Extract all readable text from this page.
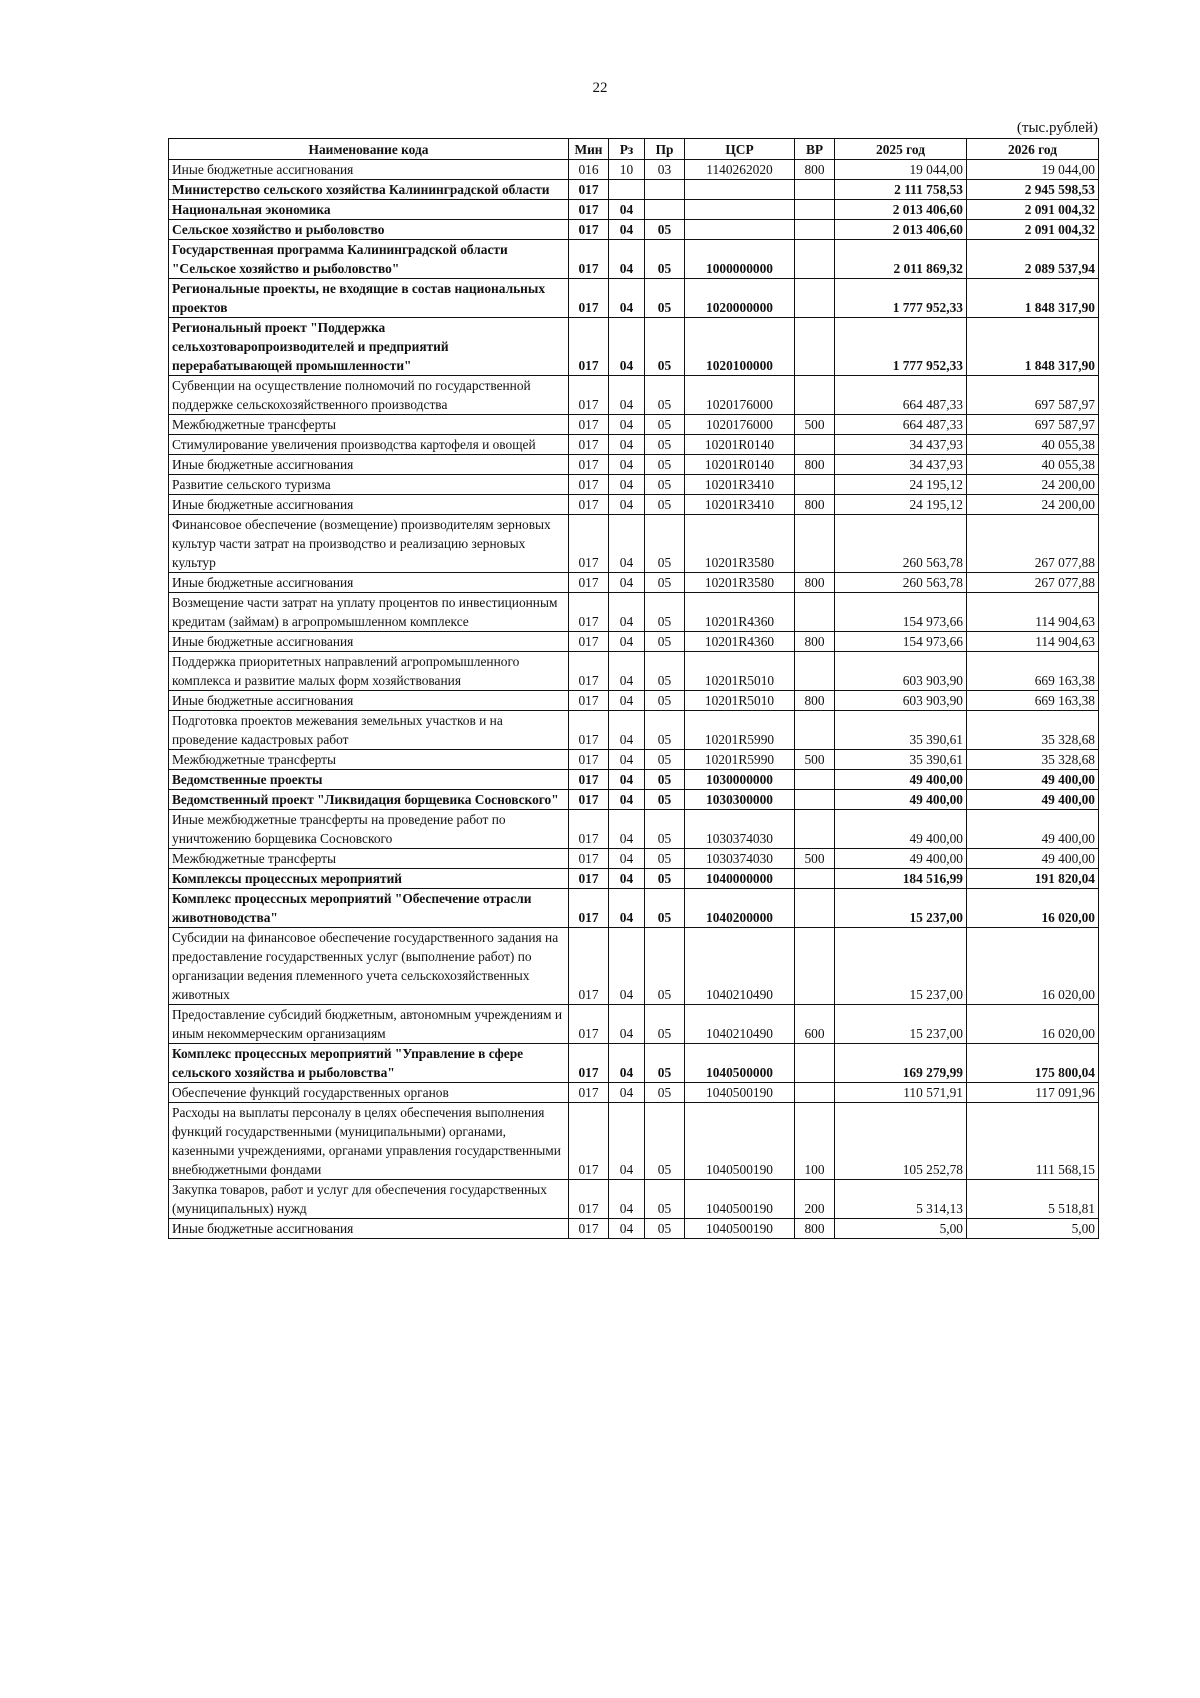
22
(тыс.рублей)
Наименование кода	Мин	Рз	Пр	ЦСР	ВР	2025 год	2026 год
Иные бюджетные ассигнования	016	10	03	1140262020	800	19 044,00	19 044,00
Министерство сельского хозяйства Калининградской области	017					2 111 758,53	2 945 598,53
Национальная экономика	017	04				2 013 406,60	2 091 004,32
Сельское хозяйство и рыболовство	017	04	05			2 013 406,60	2 091 004,32
Государственная программа Калининградской области "Сельское хозяйство и рыболовство"	017	04	05	1000000000		2 011 869,32	2 089 537,94
Региональные проекты, не входящие в состав национальных проектов	017	04	05	1020000000		1 777 952,33	1 848 317,90
Региональный проект "Поддержка сельхозтоваропроизводителей и предприятий перерабатывающей промышленности"	017	04	05	1020100000		1 777 952,33	1 848 317,90
Субвенции на осуществление полномочий по государственной поддержке сельскохозяйственного производства	017	04	05	1020176000		664 487,33	697 587,97
Межбюджетные трансферты	017	04	05	1020176000	500	664 487,33	697 587,97
Стимулирование увеличения производства картофеля и овощей	017	04	05	10201R0140		34 437,93	40 055,38
Иные бюджетные ассигнования	017	04	05	10201R0140	800	34 437,93	40 055,38
Развитие сельского туризма	017	04	05	10201R3410		24 195,12	24 200,00
Иные бюджетные ассигнования	017	04	05	10201R3410	800	24 195,12	24 200,00
Финансовое обеспечение (возмещение) производителям зерновых культур части затрат на производство и реализацию зерновых культур	017	04	05	10201R3580		260 563,78	267 077,88
Иные бюджетные ассигнования	017	04	05	10201R3580	800	260 563,78	267 077,88
Возмещение части затрат на уплату процентов по инвестиционным кредитам (займам) в агропромышленном комплексе	017	04	05	10201R4360		154 973,66	114 904,63
Иные бюджетные ассигнования	017	04	05	10201R4360	800	154 973,66	114 904,63
Поддержка приоритетных направлений агропромышленного комплекса и развитие малых форм хозяйствования	017	04	05	10201R5010		603 903,90	669 163,38
Иные бюджетные ассигнования	017	04	05	10201R5010	800	603 903,90	669 163,38
Подготовка проектов межевания земельных участков и на проведение кадастровых работ	017	04	05	10201R5990		35 390,61	35 328,68
Межбюджетные трансферты	017	04	05	10201R5990	500	35 390,61	35 328,68
Ведомственные проекты	017	04	05	1030000000		49 400,00	49 400,00
Ведомственный проект "Ликвидация борщевика Сосновского"	017	04	05	1030300000		49 400,00	49 400,00
Иные межбюджетные трансферты на проведение работ по уничтожению борщевика Сосновского	017	04	05	1030374030		49 400,00	49 400,00
Межбюджетные трансферты	017	04	05	1030374030	500	49 400,00	49 400,00
Комплексы процессных мероприятий	017	04	05	1040000000		184 516,99	191 820,04
Комплекс процессных мероприятий "Обеспечение отрасли животноводства"	017	04	05	1040200000		15 237,00	16 020,00
Субсидии на финансовое обеспечение государственного задания на предоставление государственных услуг (выполнение работ) по организации ведения племенного учета сельскохозяйственных животных	017	04	05	1040210490		15 237,00	16 020,00
Предоставление субсидий бюджетным, автономным учреждениям и иным некоммерческим организациям	017	04	05	1040210490	600	15 237,00	16 020,00
Комплекс процессных мероприятий "Управление в сфере сельского хозяйства и рыболовства"	017	04	05	1040500000		169 279,99	175 800,04
Обеспечение функций государственных органов	017	04	05	1040500190		110 571,91	117 091,96
Расходы на выплаты персоналу в целях обеспечения выполнения функций государственными (муниципальными) органами, казенными учреждениями, органами управления государственными внебюджетными фондами	017	04	05	1040500190	100	105 252,78	111 568,15
Закупка товаров, работ и услуг для обеспечения государственных (муниципальных) нужд	017	04	05	1040500190	200	5 314,13	5 518,81
Иные бюджетные ассигнования	017	04	05	1040500190	800	5,00	5,00
